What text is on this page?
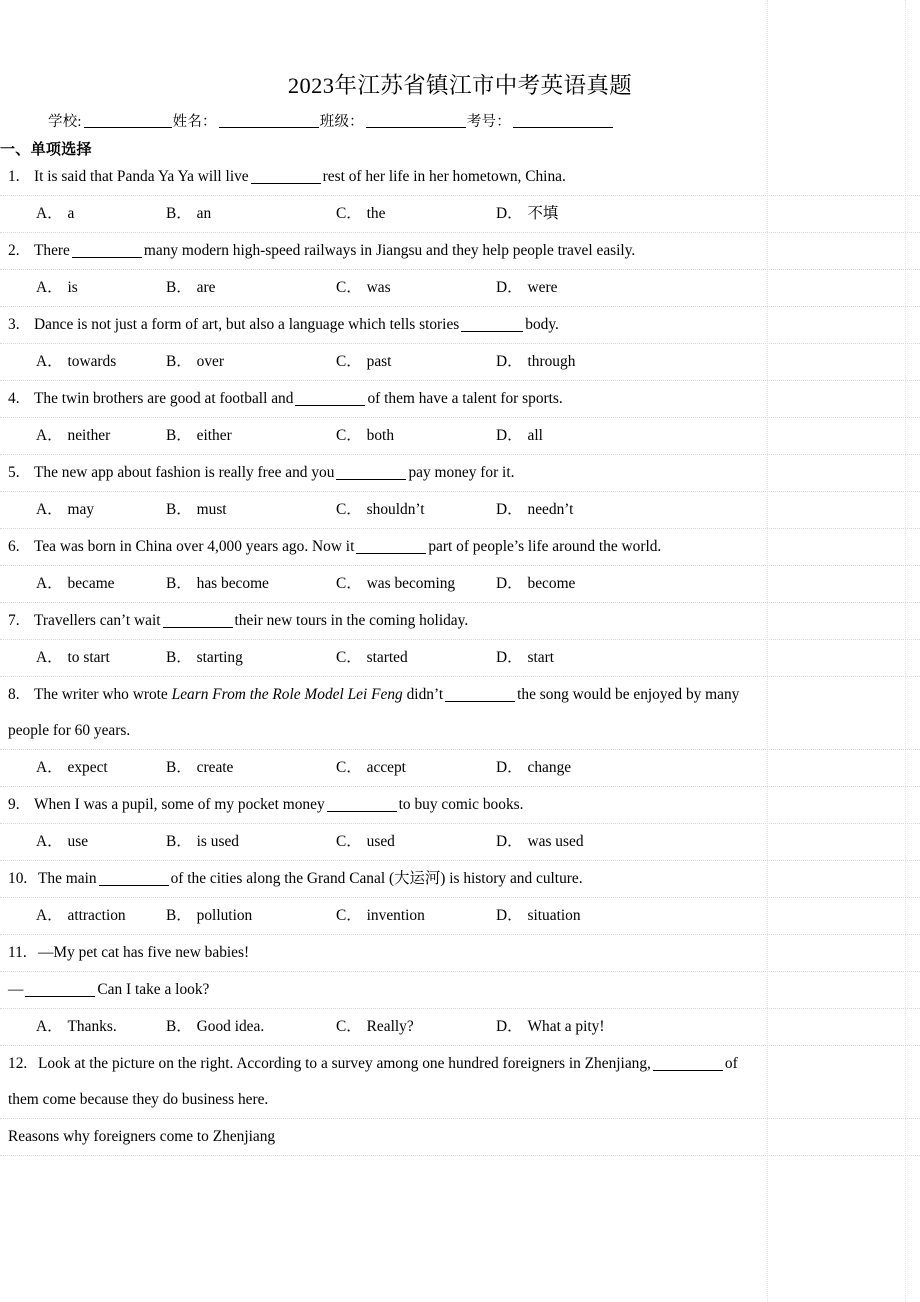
2023年江苏省镇江市中考英语真题
学校:	姓名：	班级：	考号：
一、单项选择
1. It is said that Panda Ya Ya will live	rest of her life in her hometown, China.
A． a	B． an	C． the	D． 不填
2. There	many modern high-speed railways in Jiangsu and they help people travel easily.
A． is	B． are	C． was	D． were
3. Dance is not just a form of art, but also a language which tells stories	body.
A． towards	B． over	C． past	D． through
4. The twin brothers are good at football and	of them have a talent for sports.
A． neither	B． either	C． both	D． all
5. The new app about fashion is really free and you	pay money for it.
A． may	B． must	C． shouldn’t	D． needn’t
6. Tea was born in China over 4,000 years ago. Now it	part of people’s life around the world.
A． became	B． has become	C． was becoming	D． become
7. Travellers can’t wait	their new tours in the coming holiday.
A． to start	B． starting	C． started	D． start
8. The writer who wrote Learn From the Role Model Lei Feng didn’t	the song would be enjoyed by many people for 60 years.
A． expect	B． create	C． accept	D． change
9. When I was a pupil, some of my pocket money	to buy comic books.
A． use	B． is used	C． used	D． was used
10. The main	of the cities along the Grand Canal (大运河) is history and culture.
A． attraction	B． pollution	C． invention	D． situation
11. —My pet cat has five new babies!
—	Can I take a look?
A． Thanks.	B． Good idea.	C． Really?	D． What a pity!
12. Look at the picture on the right. According to a survey among one hundred foreigners in Zhenjiang,	of them come because they do business here.
Reasons why foreigners come to Zhenjiang
